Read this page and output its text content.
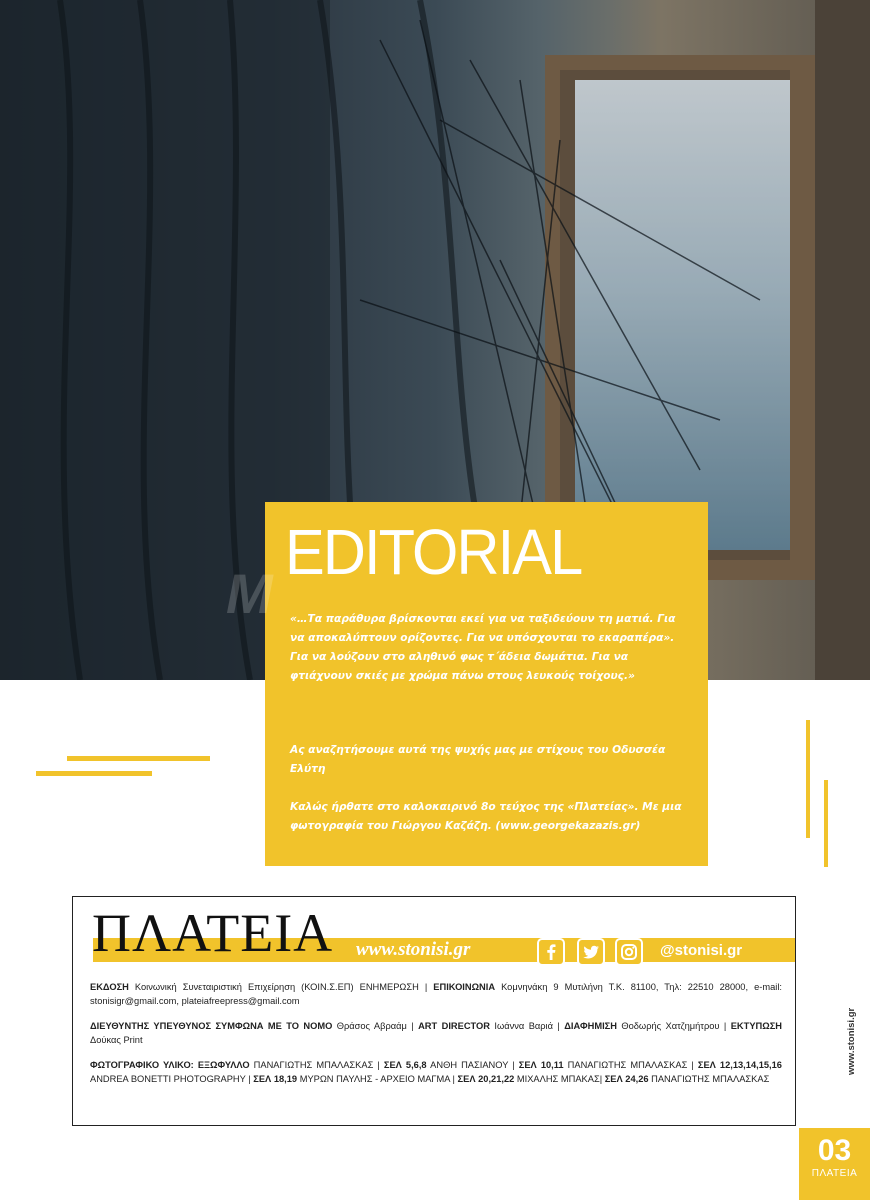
M
EDITORIAL
«…Τα παράθυρα βρίσκονται εκεί για να ταξιδεύουν τη ματιά. Για να αποκαλύπτουν ορίζοντες. Για να υπόσχονται το εκαραπέρα». Για να λούζουν στο αληθινό φως τ΄άδεια δωμάτια. Για να φτιάχνουν σκιές με χρώμα πάνω στους λευκούς τοίχους.»
Ας αναζητήσουμε αυτά της ψυχής μας με στίχους του Οδυσσέα Ελύτη
Καλώς ήρθατε στο καλοκαιρινό 8ο τεύχος της «Πλατείας». Με μια φωτογραφία του Γιώργου Καζάζη. (www.georgekazazis.gr)
ΠΛΑΤΕΙΑ www.stonisi.gr	@stonisi.gr
ΕΚΔΟΣΗ Κοινωνική Συνεταιριστική Επιχείρηση (ΚΟΙΝ.Σ.ΕΠ) ΕΝΗΜΕΡΩΣΗ | ΕΠΙΚΟΙΝΩΝΙΑ Κομνηνάκη 9 Μυτιλήνη Τ.Κ. 81100, Τηλ: 22510 28000, e-mail: stonisigr@gmail.com, plateiafreepress@gmail.com
ΔΙΕΥΘΥΝΤΗΣ ΥΠΕΥΘΥΝΟΣ ΣΥΜΦΩΝΑ ΜΕ ΤΟ ΝΟΜΟ Θράσος Αβραάμ | ART DIRECTOR Ιωάννα Βαριά | ΔΙΑΦΗΜΙΣΗ Θοδωρής Χατζημήτρου | ΕΚΤΥΠΩΣΗ Δούκας Print
ΦΩΤΟΓΡΑΦΙΚΟ ΥΛΙΚΟ: ΕΞΩΦΥΛΛΟ ΠΑΝΑΓΙΩΤΗΣ ΜΠΑΛΑΣΚΑΣ | ΣΕΛ 5,6,8 ΑΝΘΗ ΠΑΣΙΑΝΟΥ | ΣΕΛ 10,11 ΠΑΝΑΓΙΩΤΗΣ ΜΠΑΛΑΣΚΑΣ | ΣΕΛ 12,13,14,15,16 ANDREA BONETTI PHOTOGRAPHY | ΣΕΛ 18,19 ΜΥΡΩΝ ΠΑΥΛΗΣ - ΑΡΧΕΙΟ ΜΑΓΜΑ | ΣΕΛ 20,21,22 ΜΙΧΑΛΗΣ ΜΠΑΚΑΣ| ΣΕΛ 24,26 ΠΑΝΑΓΙΩΤΗΣ ΜΠΑΛΑΣΚΑΣ
www.stonisi.gr
03
ΠΛΑΤΕΙΑ
